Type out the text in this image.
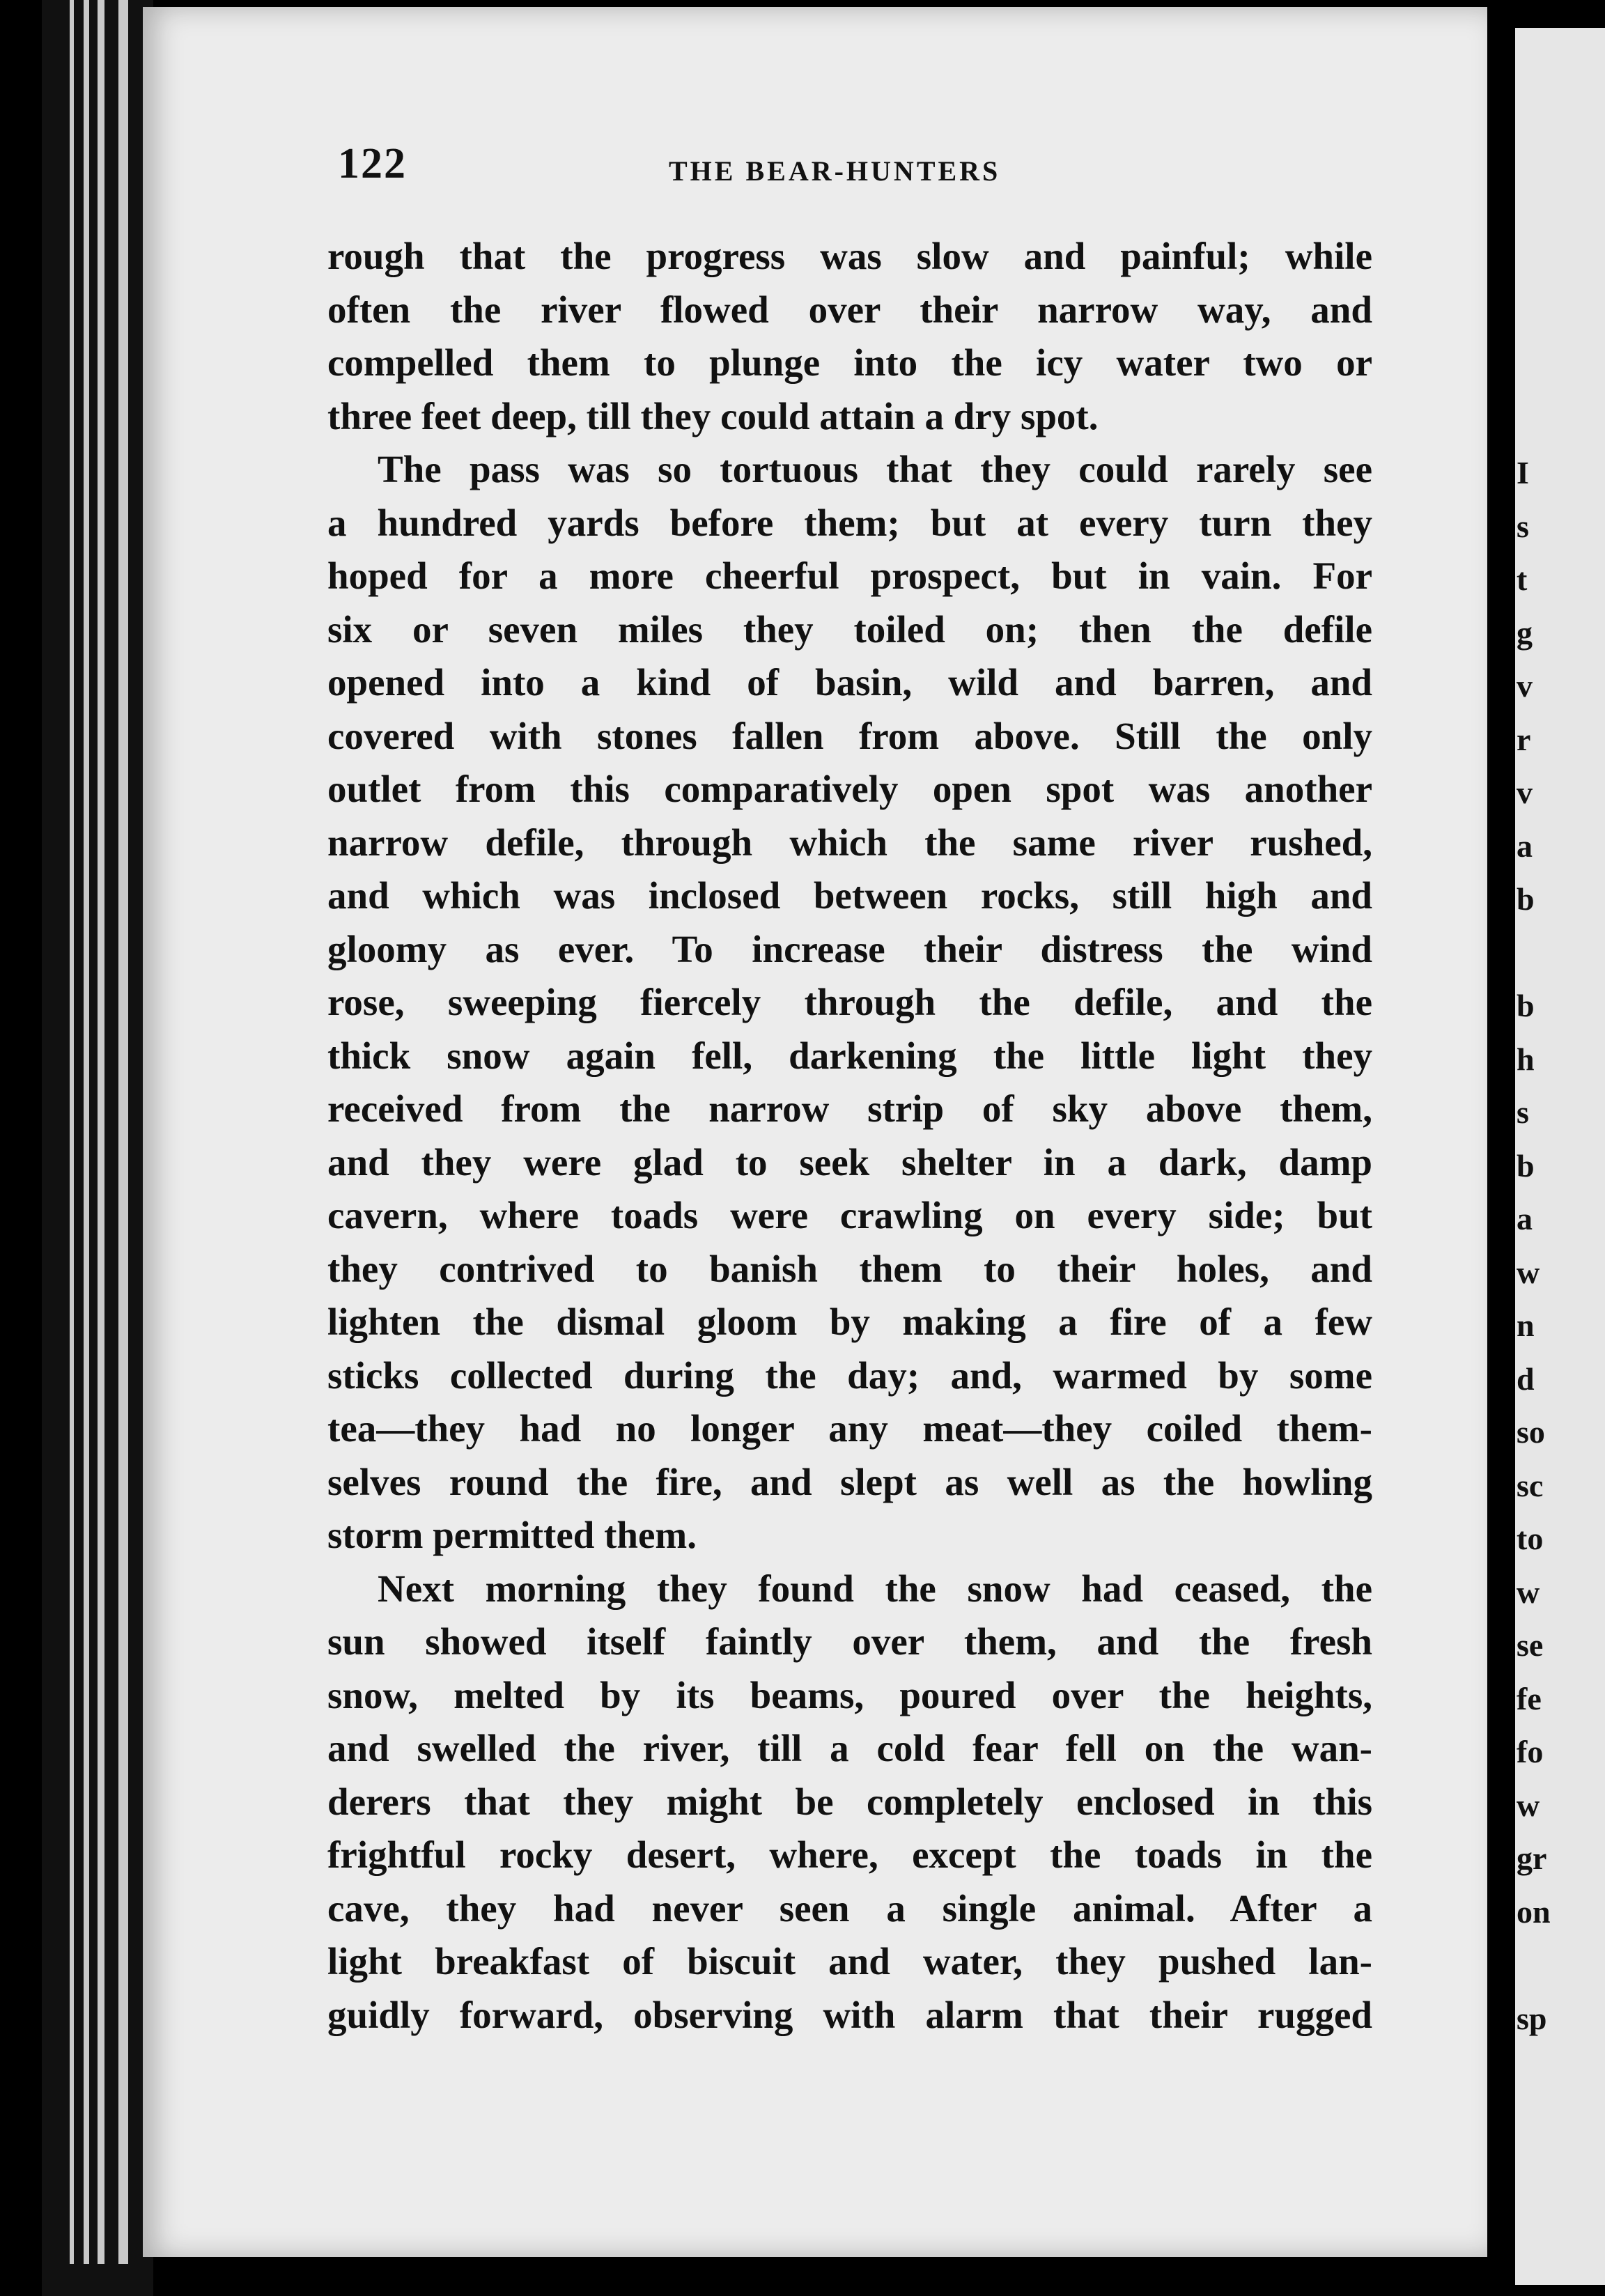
I
s
t
g
v
r
v
a
b
b
h
s
b
a
w
n
d
so
sc
to
w
se
fe
fo
w
gr
on
sp
122	THE BEAR-HUNTERS
rough that the progress was slow and painful; while
often the river flowed over their narrow way, and
compelled them to plunge into the icy water two or
three feet deep, till they could attain a dry spot.
The pass was so tortuous that they could rarely see
a hundred yards before them; but at every turn they
hoped for a more cheerful prospect, but in vain. For
six or seven miles they toiled on; then the defile
opened into a kind of basin, wild and barren, and
covered with stones fallen from above. Still the only
outlet from this comparatively open spot was another
narrow defile, through which the same river rushed,
and which was inclosed between rocks, still high and
gloomy as ever. To increase their distress the wind
rose, sweeping fiercely through the defile, and the
thick snow again fell, darkening the little light they
received from the narrow strip of sky above them,
and they were glad to seek shelter in a dark, damp
cavern, where toads were crawling on every side; but
they contrived to banish them to their holes, and
lighten the dismal gloom by making a fire of a few
sticks collected during the day; and, warmed by some
tea—they had no longer any meat—they coiled them-
selves round the fire, and slept as well as the howling
storm permitted them.
Next morning they found the snow had ceased, the
sun showed itself faintly over them, and the fresh
snow, melted by its beams, poured over the heights,
and swelled the river, till a cold fear fell on the wan-
derers that they might be completely enclosed in this
frightful rocky desert, where, except the toads in the
cave, they had never seen a single animal. After a
light breakfast of biscuit and water, they pushed lan-
guidly forward, observing with alarm that their rugged
